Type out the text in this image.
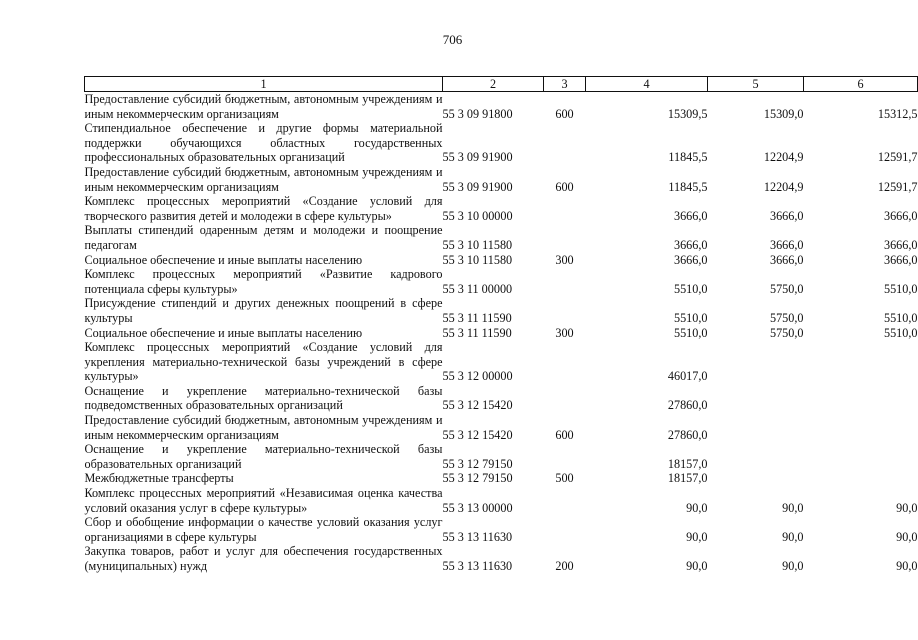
706
1	2	3	4	5	6
Предоставление субсидий бюджетным, автономным учреждениям и иным некоммерческим организациям	55 3 09 91800	600	15309,5	15309,0	15312,5
Стипендиальное обеспечение и другие формы материальной поддержки обучающихся областных государственных профессиональных образовательных организаций	55 3 09 91900		11845,5	12204,9	12591,7
Предоставление субсидий бюджетным, автономным учреждениям и иным некоммерческим организациям	55 3 09 91900	600	11845,5	12204,9	12591,7
Комплекс процессных мероприятий «Создание условий для творческого развития детей и молодежи в сфере культуры»	55 3 10 00000		3666,0	3666,0	3666,0
Выплаты стипендий одаренным детям и молодежи и поощрение педагогам	55 3 10 11580		3666,0	3666,0	3666,0
Социальное обеспечение и иные выплаты населению	55 3 10 11580	300	3666,0	3666,0	3666,0
Комплекс процессных мероприятий «Развитие кадрового потенциала сферы культуры»	55 3 11 00000		5510,0	5750,0	5510,0
Присуждение стипендий и других денежных поощрений в сфере культуры	55 3 11 11590		5510,0	5750,0	5510,0
Социальное обеспечение и иные выплаты населению	55 3 11 11590	300	5510,0	5750,0	5510,0
Комплекс процессных мероприятий «Создание условий для укрепления материально-технической базы учреждений в сфере культуры»	55 3 12 00000		46017,0		
Оснащение и укрепление материально-технической базы подведомственных образовательных организаций	55 3 12 15420		27860,0		
Предоставление субсидий бюджетным, автономным учреждениям и иным некоммерческим организациям	55 3 12 15420	600	27860,0		
Оснащение и укрепление материально-технической базы образовательных организаций	55 3 12 79150		18157,0		
Межбюджетные трансферты	55 3 12 79150	500	18157,0		
Комплекс процессных мероприятий «Независимая оценка качества условий оказания услуг в сфере культуры»	55 3 13 00000		90,0	90,0	90,0
Сбор и обобщение информации о качестве условий оказания услуг организациями в сфере культуры	55 3 13 11630		90,0	90,0	90,0
Закупка товаров, работ и услуг для обеспечения государственных (муниципальных) нужд	55 3 13 11630	200	90,0	90,0	90,0
